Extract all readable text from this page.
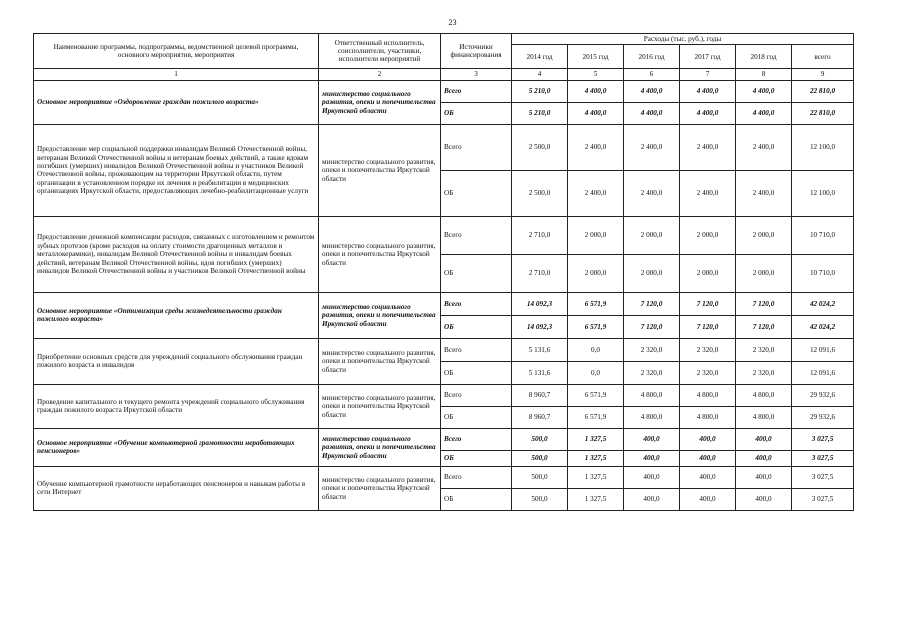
23
Наименование программы, подпрограммы, ведомственной целевой программы, основного мероприятия, мероприятия	Ответственный исполнитель, соисполнители, участники, исполнители мероприятий	Источники финансирования	Расходы (тыс. руб.), годы					
			2014 год	2015 год	2016 год	2017 год	2018 год	всего
1	2	3	4	5	6	7	8	9
Основное мероприятие «Оздоровление граждан пожилого возраста»	министерство социального развития, опеки и попечительства Иркутской области	Всего	5 210,0	4 400,0	4 400,0	4 400,0	4 400,0	22 810,0
		ОБ	5 210,0	4 400,0	4 400,0	4 400,0	4 400,0	22 810,0
Предоставление мер социальной поддержки инвалидам Великой Отечественной войны, ветеранам Великой Отечественной войны и ветеранам боевых действий, а также вдовам погибших (умерших) инвалидов Великой Отечественной войны и участников Великой Отечественной войны, проживающим на территории Иркутской области, путем организации в установленном порядке их лечения и реабилитации в медицинских организациях Иркутской области, предоставляющих лечебно-реабилитационные услуги	министерство социального развития, опеки и попечительства Иркутской области	Всего	2 500,0	2 400,0	2 400,0	2 400,0	2 400,0	12 100,0
		ОБ	2 500,0	2 400,0	2 400,0	2 400,0	2 400,0	12 100,0
Предоставление денежной компенсации расходов, связанных с изготовлением и ремонтом зубных протезов (кроме расходов на оплату стоимости драгоценных металлов и металлокерамики), инвалидам Великой Отечественной войны и инвалидам боевых действий, ветеранам Великой Отечественной войны, вдов погибших (умерших) инвалидов Великой Отечественной войны и участников Великой Отечественной войны	министерство социального развития, опеки и попечительства Иркутской области	Всего	2 710,0	2 000,0	2 000,0	2 000,0	2 000,0	10 710,0
		ОБ	2 710,0	2 000,0	2 000,0	2 000,0	2 000,0	10 710,0
Основное мероприятие «Оптимизация среды жизнедеятельности граждан пожилого возраста»	министерство социального развития, опеки и попечительства Иркутской области	Всего	14 092,3	6 571,9	7 120,0	7 120,0	7 120,0	42 024,2
		ОБ	14 092,3	6 571,9	7 120,0	7 120,0	7 120,0	42 024,2
Приобретение основных средств для учреждений социального обслуживания граждан пожилого возраста и инвалидов	министерство социального развития, опеки и попечительства Иркутской области	Всего	5 131,6	0,0	2 320,0	2 320,0	2 320,0	12 091,6
		ОБ	5 131,6	0,0	2 320,0	2 320,0	2 320,0	12 091,6
Проведение капитального и текущего ремонта учреждений социального обслуживания граждан пожилого возраста Иркутской области	министерство социального развития, опеки и попечительства Иркутской области	Всего	8 960,7	6 571,9	4 800,0	4 800,0	4 800,0	29 932,6
		ОБ	8 960,7	6 571,9	4 800,0	4 800,0	4 800,0	29 932,6
Основное мероприятие «Обучение компьютерной грамотности неработающих пенсионеров»	министерство социального развития, опеки и попечительства Иркутской области	Всего	500,0	1 327,5	400,0	400,0	400,0	3 027,5
		ОБ	500,0	1 327,5	400,0	400,0	400,0	3 027,5
Обучение компьютерной грамотности неработающих пенсионеров и навыкам работы в сети Интернет	министерство социального развития, опеки и попечительства Иркутской области	Всего	500,0	1 327,5	400,0	400,0	400,0	3 027,5
		ОБ	500,0	1 327,5	400,0	400,0	400,0	3 027,5
